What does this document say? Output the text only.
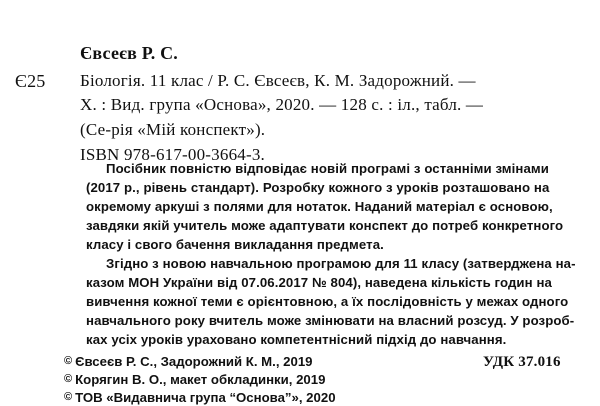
Євсеєв Р. С.
Є25 Біологія. 11 клас / Р. С. Євсеєв, К. М. Задорожний. —
Х. : Вид. група «Основа», 2020. — 128 с. : іл., табл. —
(Се-рія «Мій конспект»).
ISBN 978-617-00-3664-3.
Посібник повністю відповідає новій програмі з останніми змінами
(2017 р., рівень стандарт). Розробку кожного з уроків розташовано на
окремому аркуші з полями для нотаток. Наданий матеріал є основою,
завдяки якій учитель може адаптувати конспект до потреб конкретного
класу і свого бачення викладання предмета.
Згідно з новою навчальною програмою для 11 класу (затверджена на-
казом МОН України від 07.06.2017 № 804), наведена кількість годин на
вивчення кожної теми є орієнтовною, а їх послідовність у межах одного
навчального року вчитель може змінювати на власний розсуд. У розроб-
ках усіх уроків ураховано компетентнісний підхід до навчання.
УДК 37.016
© Євсеєв Р. С., Задорожний К. М., 2019
© Корягин В. О., макет обкладинки, 2019
© ТОВ «Видавнича група “Основа”», 2020
